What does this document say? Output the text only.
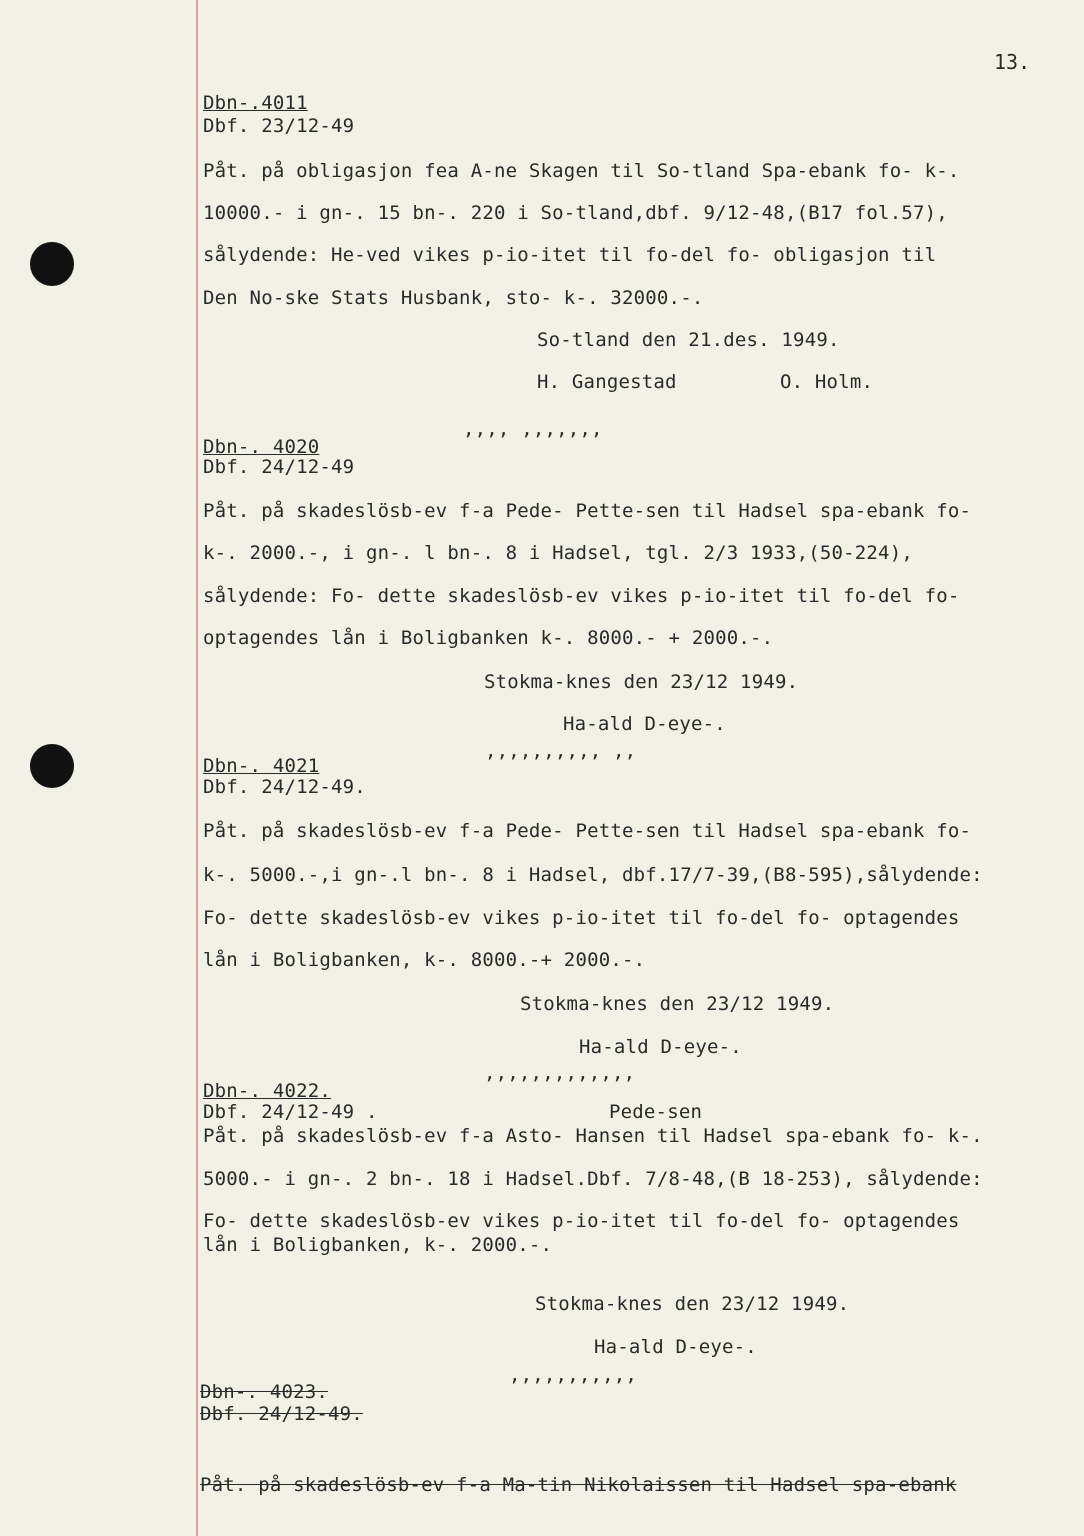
13.
Dbn-.4011
Dbf. 23/12-49
Påt. på obligasjon fea A-ne Skagen til So-tland Spa-ebank fo- k-.
10000.- i gn-. 15 bn-. 220 i So-tland,dbf. 9/12-48,(B17 fol.57),
sålydende: He-ved vikes p-io-itet til fo-del fo- obligasjon til
Den No-ske Stats Husbank, sto- k-. 32000.-.
So-tland den 21.des. 1949.
H. Gangestad	O. Holm.
,,,, ,,,,,,,
Dbn-. 4020
Dbf. 24/12-49
Påt. på skadeslösb-ev f-a Pede- Pette-sen til Hadsel spa-ebank fo-
k-. 2000.-, i gn-. l bn-. 8 i Hadsel, tgl. 2/3 1933,(50-224),
sålydende: Fo- dette skadeslösb-ev vikes p-io-itet til fo-del fo-
optagendes lån i Boligbanken k-. 8000.- + 2000.-.
Stokma-knes den 23/12 1949.
Ha-ald D-eye-.
,,,,,,,,,, ,,
Dbn-. 4021
Dbf. 24/12-49.
Påt. på skadeslösb-ev f-a Pede- Pette-sen til Hadsel spa-ebank fo-
k-. 5000.-,i gn-.l bn-. 8 i Hadsel, dbf.17/7-39,(B8-595),sålydende:
Fo- dette skadeslösb-ev vikes p-io-itet til fo-del fo- optagendes
lån i Boligbanken, k-. 8000.-+ 2000.-.
Stokma-knes den 23/12 1949.
Ha-ald D-eye-.
,,,,,,,,,,,,,
Dbn-. 4022.
Dbf. 24/12-49 .	Pede-sen
Påt. på skadeslösb-ev f-a Asto- Hansen til Hadsel spa-ebank fo- k-.
5000.- i gn-. 2 bn-. 18 i Hadsel.Dbf. 7/8-48,(B 18-253), sålydende:
Fo- dette skadeslösb-ev vikes p-io-itet til fo-del fo- optagendes
lån i Boligbanken, k-. 2000.-.
Stokma-knes den 23/12 1949.
Ha-ald D-eye-.
,,,,,,,,,,,
Dbn-. 4023.
Dbf. 24/12-49.
Påt. på skadeslösb-ev f-a Ma-tin Nikolaissen til Hadsel spa-ebank
